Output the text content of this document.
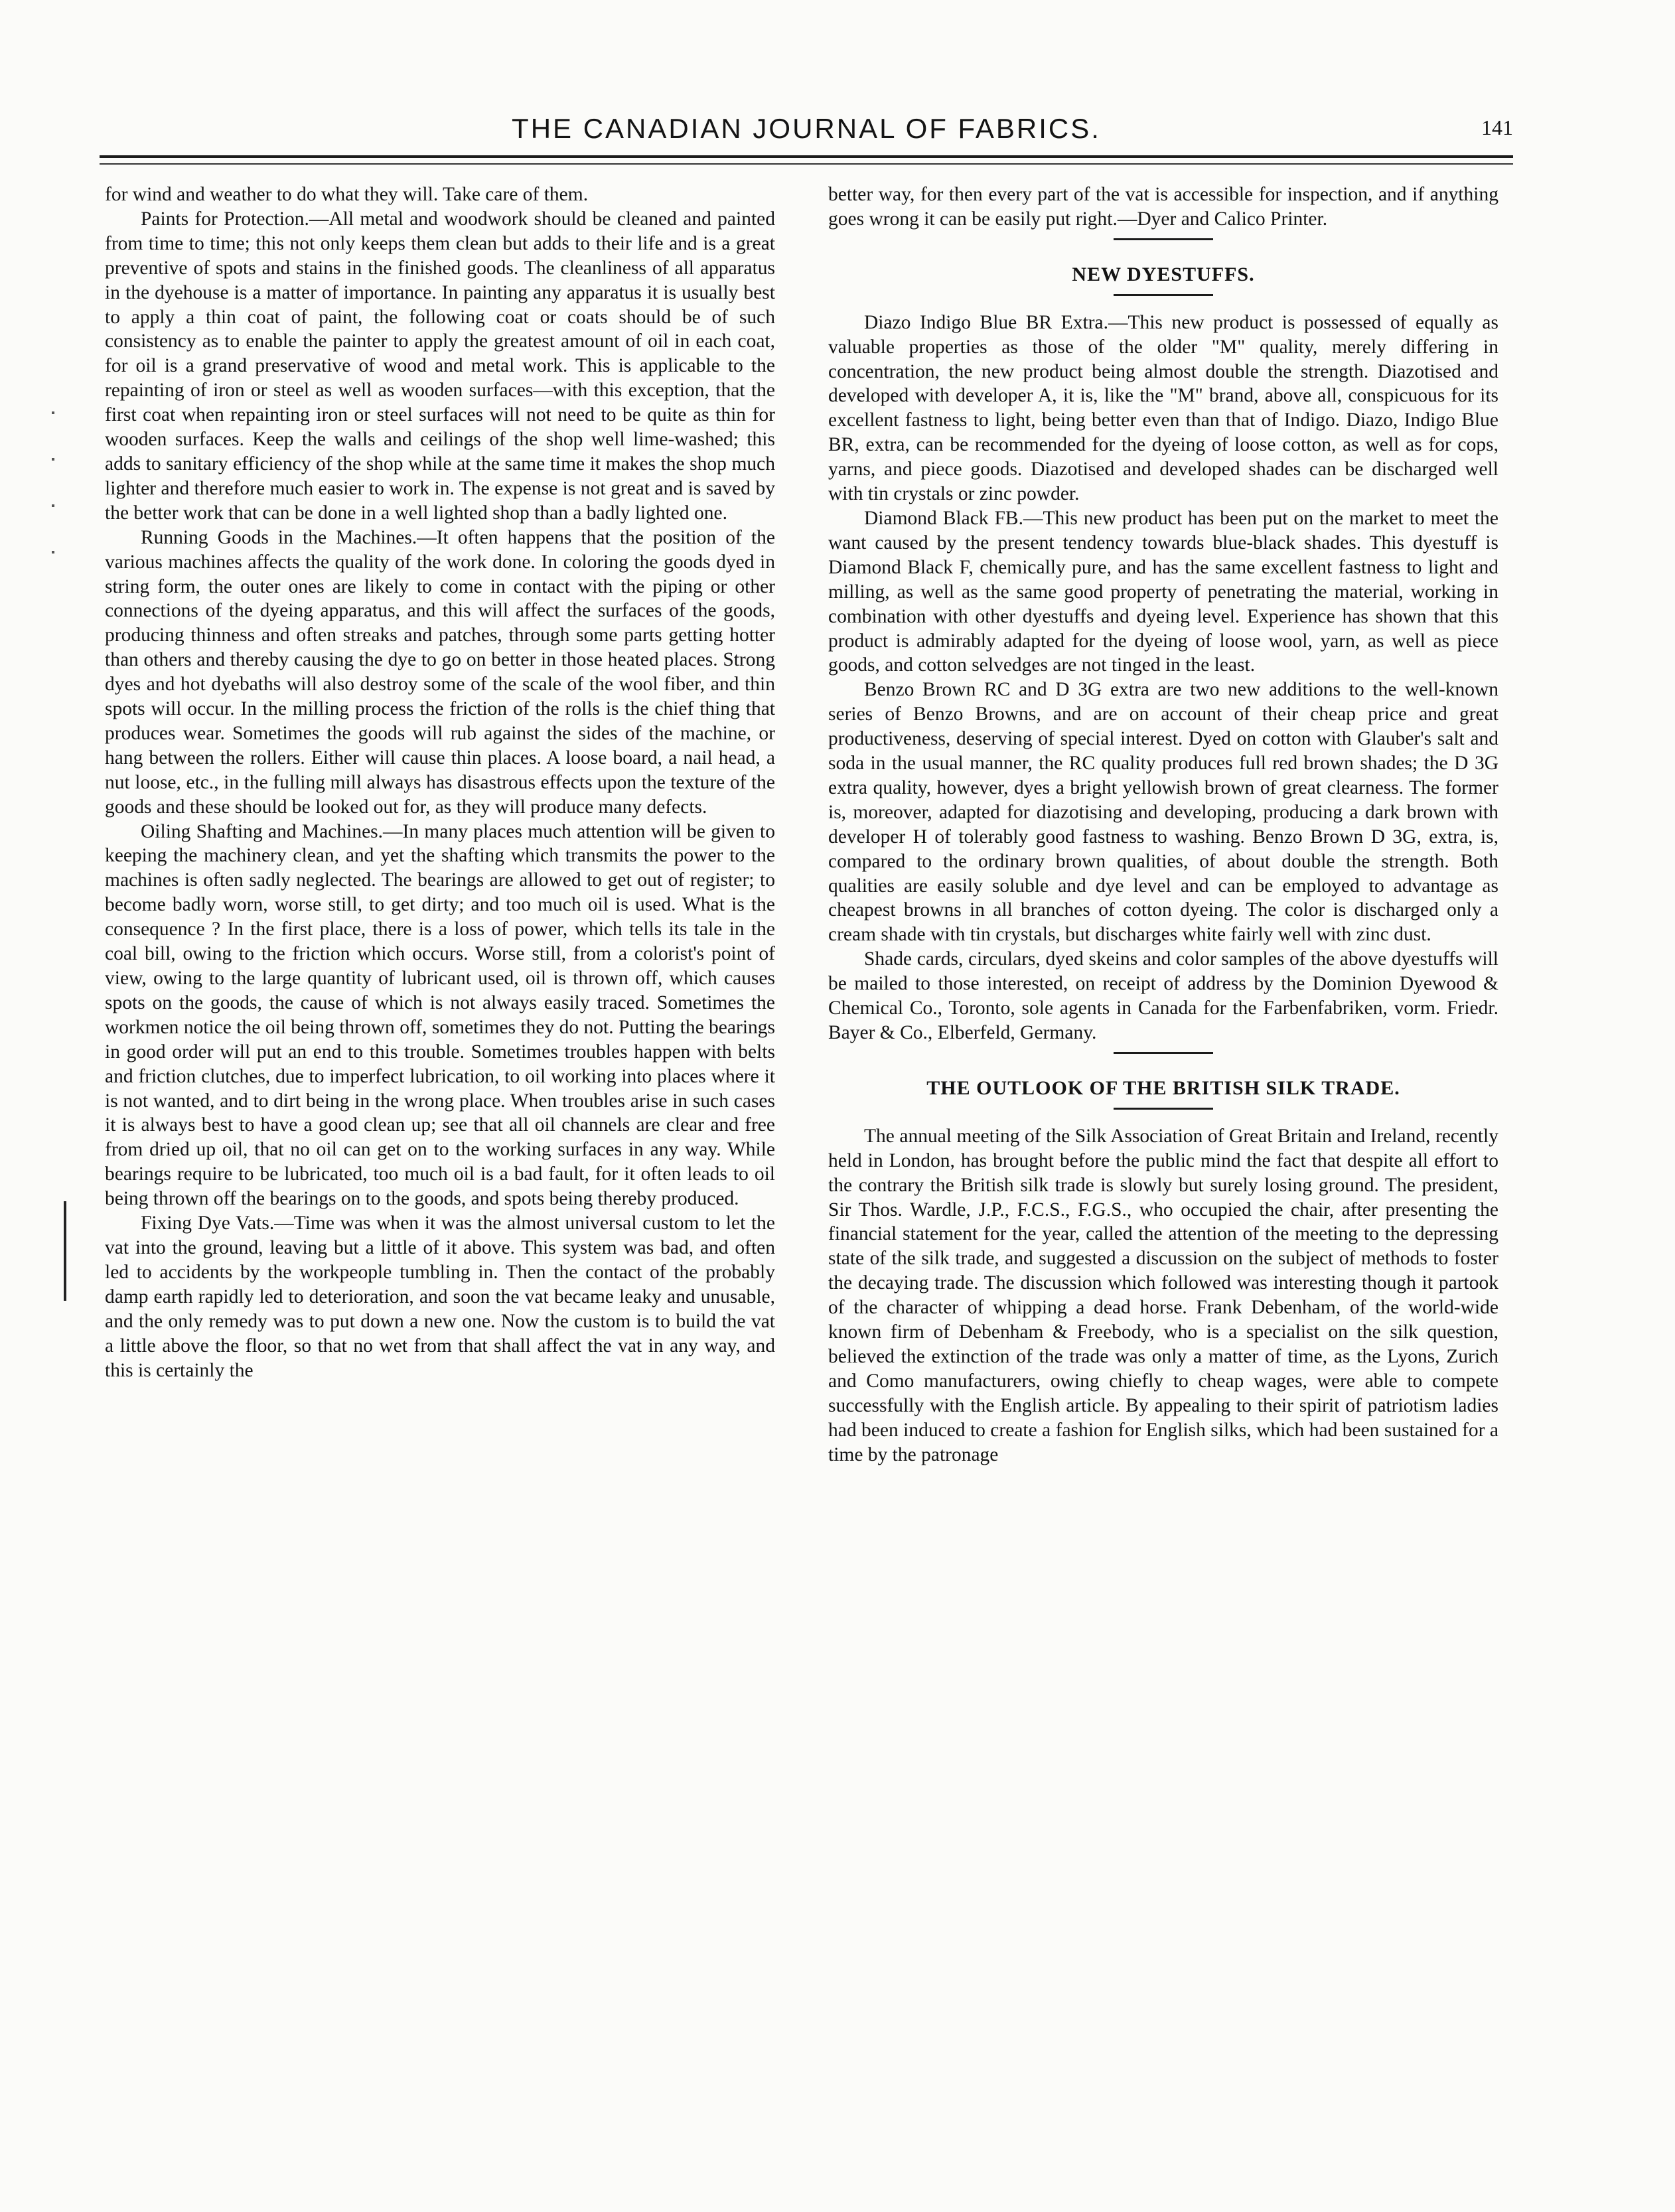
THE CANADIAN JOURNAL OF FABRICS.	141

for wind and weather to do what they will. Take care of them.

Paints for Protection.—All metal and woodwork should be cleaned and painted from time to time; this not only keeps them clean but adds to their life and is a great preventive of spots and stains in the finished goods. The cleanliness of all apparatus in the dyehouse is a matter of importance. In painting any apparatus it is usually best to apply a thin coat of paint, the following coat or coats should be of such consistency as to enable the painter to apply the greatest amount of oil in each coat, for oil is a grand preservative of wood and metal work. This is applicable to the repainting of iron or steel as well as wooden surfaces—with this exception, that the first coat when repainting iron or steel surfaces will not need to be quite as thin for wooden surfaces. Keep the walls and ceilings of the shop well lime-washed; this adds to sanitary efficiency of the shop while at the same time it makes the shop much lighter and therefore much easier to work in. The expense is not great and is saved by the better work that can be done in a well lighted shop than a badly lighted one.

Running Goods in the Machines.—It often happens that the position of the various machines affects the quality of the work done. In coloring the goods dyed in string form, the outer ones are likely to come in contact with the piping or other connections of the dyeing apparatus, and this will affect the surfaces of the goods, producing thinness and often streaks and patches, through some parts getting hotter than others and thereby causing the dye to go on better in those heated places. Strong dyes and hot dyebaths will also destroy some of the scale of the wool fiber, and thin spots will occur. In the milling process the friction of the rolls is the chief thing that produces wear. Sometimes the goods will rub against the sides of the machine, or hang between the rollers. Either will cause thin places. A loose board, a nail head, a nut loose, etc., in the fulling mill always has disastrous effects upon the texture of the goods and these should be looked out for, as they will produce many defects.

Oiling Shafting and Machines.—In many places much attention will be given to keeping the machinery clean, and yet the shafting which transmits the power to the machines is often sadly neglected. The bearings are allowed to get out of register; to become badly worn, worse still, to get dirty; and too much oil is used. What is the consequence ? In the first place, there is a loss of power, which tells its tale in the coal bill, owing to the friction which occurs. Worse still, from a colorist's point of view, owing to the large quantity of lubricant used, oil is thrown off, which causes spots on the goods, the cause of which is not always easily traced. Sometimes the workmen notice the oil being thrown off, sometimes they do not. Putting the bearings in good order will put an end to this trouble. Sometimes troubles happen with belts and friction clutches, due to imperfect lubrication, to oil working into places where it is not wanted, and to dirt being in the wrong place. When troubles arise in such cases it is always best to have a good clean up; see that all oil channels are clear and free from dried up oil, that no oil can get on to the working surfaces in any way. While bearings require to be lubricated, too much oil is a bad fault, for it often leads to oil being thrown off the bearings on to the goods, and spots being thereby produced.

Fixing Dye Vats.—Time was when it was the almost universal custom to let the vat into the ground, leaving but a little of it above. This system was bad, and often led to accidents by the workpeople tumbling in. Then the contact of the probably damp earth rapidly led to deterioration, and soon the vat became leaky and unusable, and the only remedy was to put down a new one. Now the custom is to build the vat a little above the floor, so that no wet from that shall affect the vat in any way, and this is certainly the

better way, for then every part of the vat is accessible for inspection, and if anything goes wrong it can be easily put right.—Dyer and Calico Printer.

NEW DYESTUFFS.

Diazo Indigo Blue BR Extra.—This new product is possessed of equally as valuable properties as those of the older "M" quality, merely differing in concentration, the new product being almost double the strength. Diazotised and developed with developer A, it is, like the "M" brand, above all, conspicuous for its excellent fastness to light, being better even than that of Indigo. Diazo, Indigo Blue BR, extra, can be recommended for the dyeing of loose cotton, as well as for cops, yarns, and piece goods. Diazotised and developed shades can be discharged well with tin crystals or zinc powder.

Diamond Black FB.—This new product has been put on the market to meet the want caused by the present tendency towards blue-black shades. This dyestuff is Diamond Black F, chemically pure, and has the same excellent fastness to light and milling, as well as the same good property of penetrating the material, working in combination with other dyestuffs and dyeing level. Experience has shown that this product is admirably adapted for the dyeing of loose wool, yarn, as well as piece goods, and cotton selvedges are not tinged in the least.

Benzo Brown RC and D 3G extra are two new additions to the well-known series of Benzo Browns, and are on account of their cheap price and great productiveness, deserving of special interest. Dyed on cotton with Glauber's salt and soda in the usual manner, the RC quality produces full red brown shades; the D 3G extra quality, however, dyes a bright yellowish brown of great clearness. The former is, moreover, adapted for diazotising and developing, producing a dark brown with developer H of tolerably good fastness to washing. Benzo Brown D 3G, extra, is, compared to the ordinary brown qualities, of about double the strength. Both qualities are easily soluble and dye level and can be employed to advantage as cheapest browns in all branches of cotton dyeing. The color is discharged only a cream shade with tin crystals, but discharges white fairly well with zinc dust.

Shade cards, circulars, dyed skeins and color samples of the above dyestuffs will be mailed to those interested, on receipt of address by the Dominion Dyewood & Chemical Co., Toronto, sole agents in Canada for the Farbenfabriken, vorm. Friedr. Bayer & Co., Elberfeld, Germany.

THE OUTLOOK OF THE BRITISH SILK TRADE.

The annual meeting of the Silk Association of Great Britain and Ireland, recently held in London, has brought before the public mind the fact that despite all effort to the contrary the British silk trade is slowly but surely losing ground. The president, Sir Thos. Wardle, J.P., F.C.S., F.G.S., who occupied the chair, after presenting the financial statement for the year, called the attention of the meeting to the depressing state of the silk trade, and suggested a discussion on the subject of methods to foster the decaying trade. The discussion which followed was interesting though it partook of the character of whipping a dead horse. Frank Debenham, of the world-wide known firm of Debenham & Freebody, who is a specialist on the silk question, believed the extinction of the trade was only a matter of time, as the Lyons, Zurich and Como manufacturers, owing chiefly to cheap wages, were able to compete successfully with the English article. By appealing to their spirit of patriotism ladies had been induced to create a fashion for English silks, which had been sustained for a time by the patronage
